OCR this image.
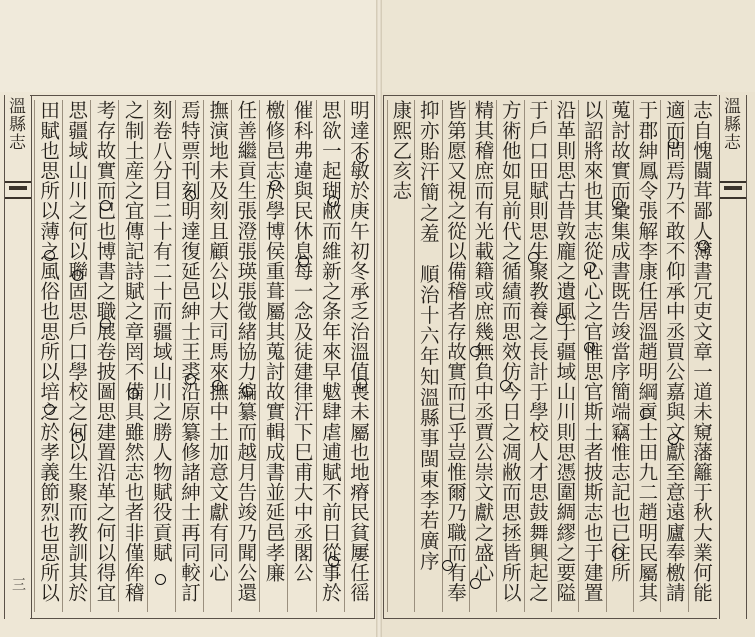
溫縣志
三
溫縣志
明達不敏於庚午初冬承乏治溫值喪未屬也地瘠民貧屢任徭
思欲一起瑚敝而維新之条年來早魃肆虐逋賦不前日從事於
催科弗違與民休息每一念及徒建律汗下巳甫大中丞閣公
檄修邑志於學博侯重葺屬其蒐討故實輯成書並延邑孝廉
任善繼貢生張澄張瑛張徵緒協力編纂而越月告竣乃聞公還
撫演地未及刻且顧公以大司馬來撫中土加意文獻有同心
焉特票刊刻明達復延邑紳士王裘沿原纂修諸紳士再同較訂
刻卷八分目二十有二十而疆域山川之勝人物賦役貢賦
之制土産之宜傳記詩賦之章罔不備具雖然志也者非僅侔稽
考存故實而已也博書之職展卷披圖思建置沿革之何以得宜
思疆域山川之何以聯固思戶口學校之何以生聚而教訓其於
田賦也思所以薄之風俗也思所以培之於孝義節烈也思所以	志自愧闒茸鄙人簿書冗吏文章一道未窺藩籬于秋大業何能
適而問焉乃不敢不仰承中丞買公嘉與文獻至意遠廬奉檄請
于郡紳鳳令張解李康任居溫趙明綱貢士田九二趙明民屬其
蒐討故實而彙集成書既告竣當序簡端竊惟志記也已往所
以詔將來也其志從心心之官惟思官斯土者披斯志也于建置
沿革則思古昔敦龐之遺風于疆域山川則思憑圍綢繆之要隘
于戶口田賦則思生聚教養之長計于學校人才思鼓舞興起之
方術他如見前代之循績而思效仿今日之凋敝而思拯皆所以
精其稽庶而有光載籍或庶幾無負中丞賈公崇文獻之盛心
皆第愿又視之從以備稽者存故實而已乎豈惟爾乃職而有奉
抑亦貽汗簡之羞　順治十六年知溫縣事閩東李若廣序
康熙乙亥志
